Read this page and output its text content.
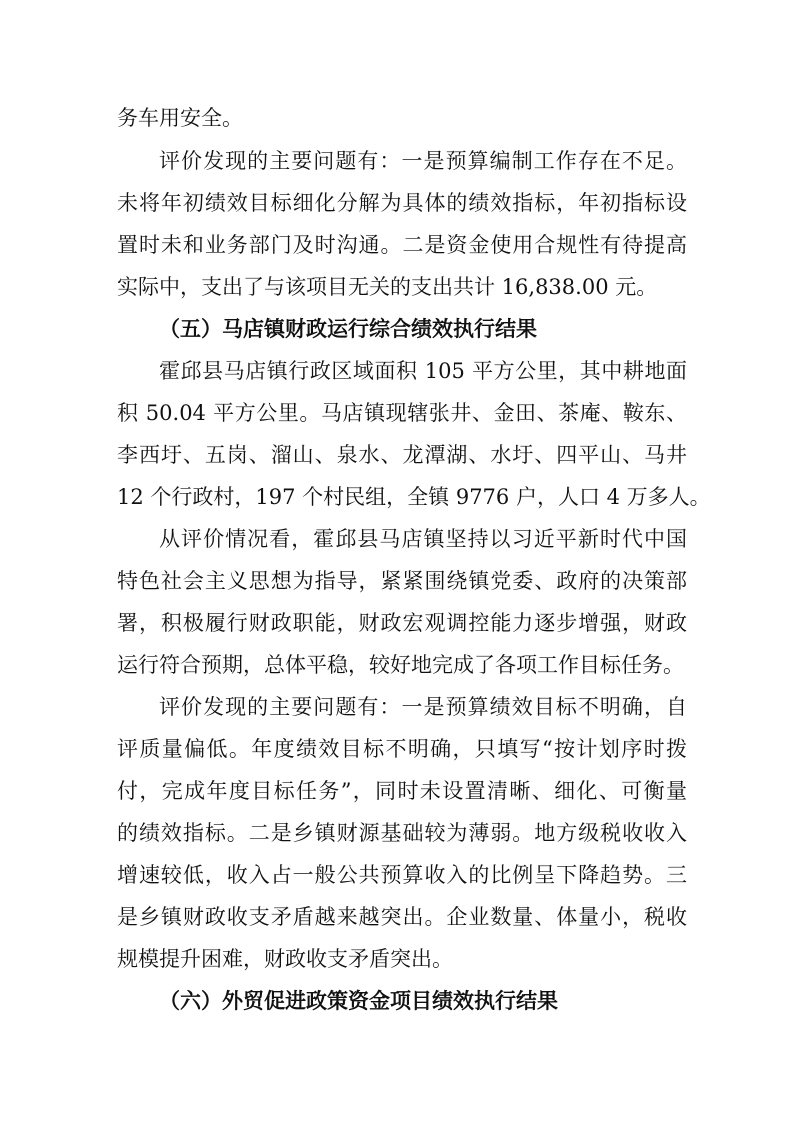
务车用安全。
评价发现的主要问题有：一是预算编制工作存在不足。
未将年初绩效目标细化分解为具体的绩效指标，年初指标设
置时未和业务部门及时沟通。二是资金使用合规性有待提高
实际中，支出了与该项目无关的支出共计 16,838.00 元。
（五）马店镇财政运行综合绩效执行结果
霍邱县马店镇行政区域面积 105 平方公里，其中耕地面
积 50.04 平方公里。马店镇现辖张井、金田、茶庵、鞍东、
李西圩、五岗、溜山、泉水、龙潭湖、水圩、四平山、马井
12 个行政村，197 个村民组，全镇 9776 户，人口 4 万多人。
从评价情况看，霍邱县马店镇坚持以习近平新时代中国
特色社会主义思想为指导，紧紧围绕镇党委、政府的决策部
署，积极履行财政职能，财政宏观调控能力逐步增强，财政
运行符合预期，总体平稳，较好地完成了各项工作目标任务。
评价发现的主要问题有：一是预算绩效目标不明确，自
评质量偏低。年度绩效目标不明确，只填写“按计划序时拨
付，完成年度目标任务”，同时未设置清晰、细化、可衡量
的绩效指标。二是乡镇财源基础较为薄弱。地方级税收收入
增速较低，收入占一般公共预算收入的比例呈下降趋势。三
是乡镇财政收支矛盾越来越突出。企业数量、体量小，税收
规模提升困难，财政收支矛盾突出。
（六）外贸促进政策资金项目绩效执行结果
